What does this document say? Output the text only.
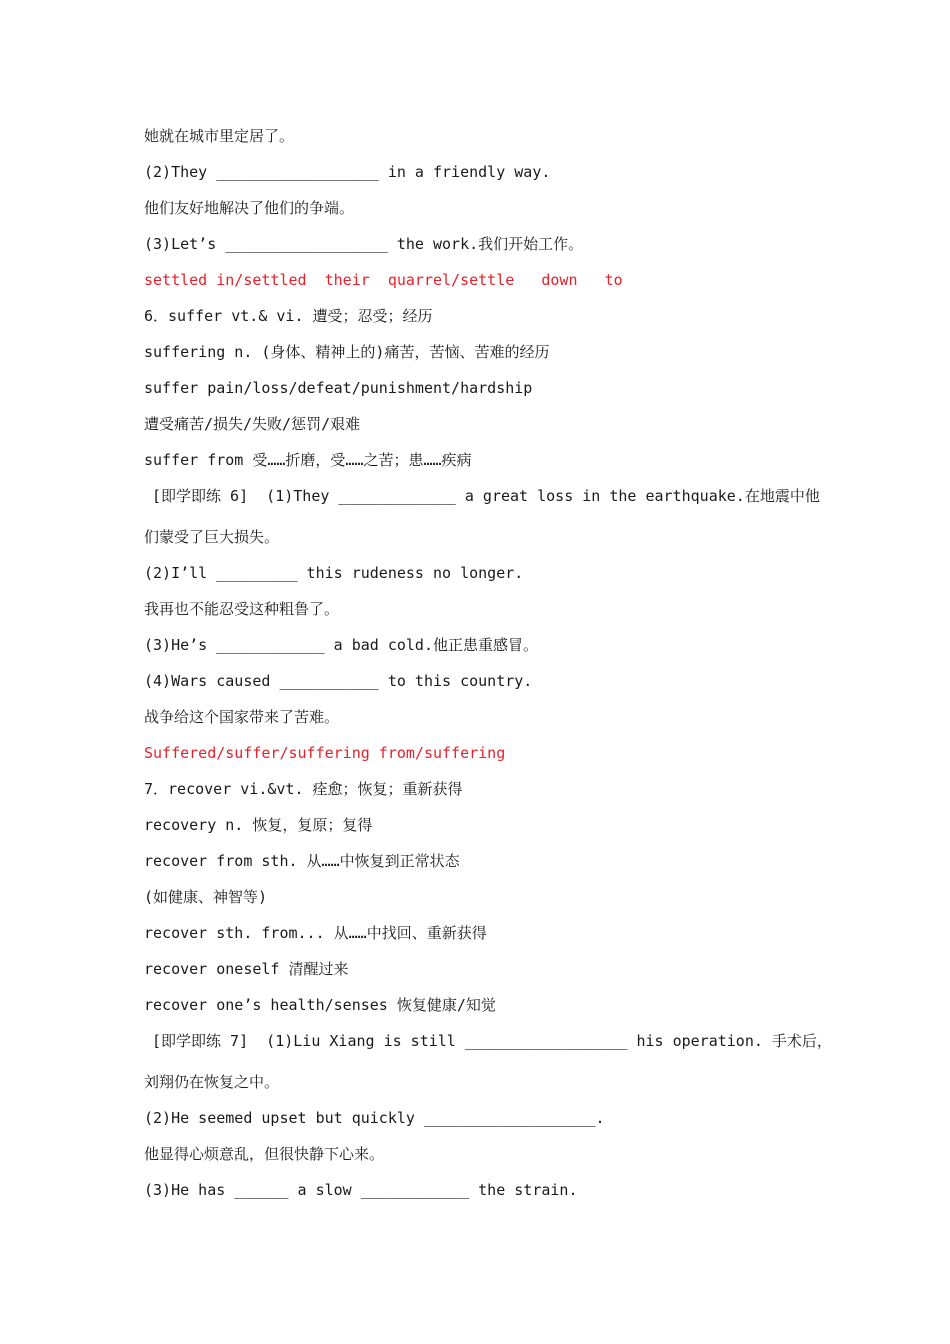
她就在城市里定居了。
(2)They __________________ in a friendly way.
他们友好地解决了他们的争端。
(3)Let’s __________________ the work.我们开始工作。
settled in/settled  their  quarrel/settle   down   to
6．suffer vt.& vi. 遭受；忍受；经历
suffering n. (身体、精神上的)痛苦，苦恼、苦难的经历
suffer pain/loss/defeat/punishment/hardship
遭受痛苦/损失/失败/惩罚/艰难
suffer from 受……折磨，受……之苦；患……疾病
[即学即练 6]  (1)They _____________ a great loss in the earthquake.在地震中他
们蒙受了巨大损失。
(2)I’ll _________ this rudeness no longer.
我再也不能忍受这种粗鲁了。
(3)He’s ____________ a bad cold.他正患重感冒。
(4)Wars caused ___________ to this country.
战争给这个国家带来了苦难。
Suffered/suffer/suffering from/suffering
7．recover vi.&vt. 痊愈；恢复；重新获得
recovery n. 恢复，复原；复得
recover from sth. 从……中恢复到正常状态
(如健康、神智等)
recover sth. from... 从……中找回、重新获得
recover oneself 清醒过来
recover one’s health/senses 恢复健康/知觉
[即学即练 7]  (1)Liu Xiang is still __________________ his operation. 手术后，
刘翔仍在恢复之中。
(2)He seemed upset but quickly ___________________.
他显得心烦意乱，但很快静下心来。
(3)He has ______ a slow ____________ the strain.
